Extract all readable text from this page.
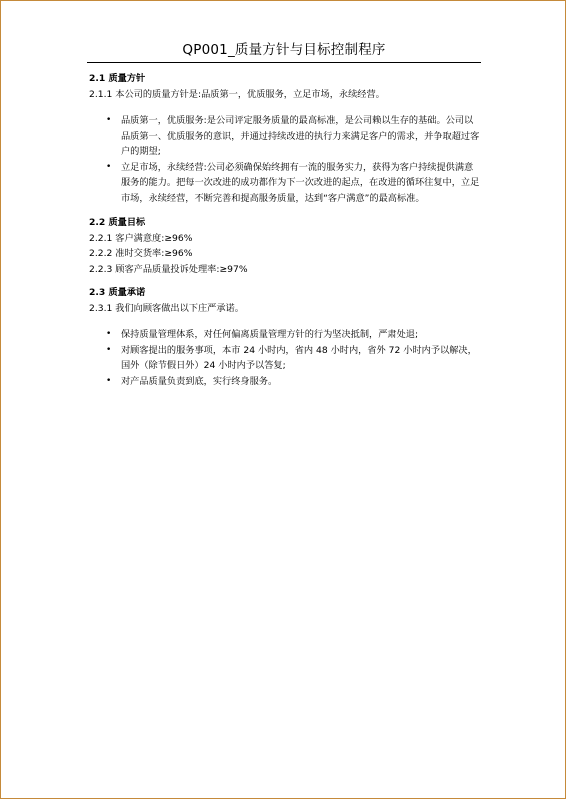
QP001_质量方针与目标控制程序

2.1 质量方针

2.1.1 本公司的质量方针是:品质第一，优质服务，立足市场，永续经营。

• 品质第一，优质服务:是公司评定服务质量的最高标准，是公司赖以生存的基础。公司以品质第一、优质服务的意识，并通过持续改进的执行力来满足客户的需求，并争取超过客户的期望;
• 立足市场，永续经营:公司必须确保始终拥有一流的服务实力，获得为客户持续提供满意服务的能力。把每一次改进的成功都作为下一次改进的起点，在改进的循环往复中，立足市场，永续经营，不断完善和提高服务质量，达到“客户满意”的最高标准。

2.2 质量目标

2.2.1 客户满意度:≥96%

2.2.2 准时交货率:≥96%

2.2.3 顾客产品质量投诉处理率:≥97%

2.3 质量承诺

2.3.1 我们向顾客做出以下庄严承诺。

• 保持质量管理体系，对任何偏离质量管理方针的行为坚决抵制，严肃处退;
• 对顾客提出的服务事项，本市 24 小时内，省内 48 小时内，省外 72 小时内予以解决，国外（除节假日外）24 小时内予以答复;
• 对产品质量负责到底，实行终身服务。
